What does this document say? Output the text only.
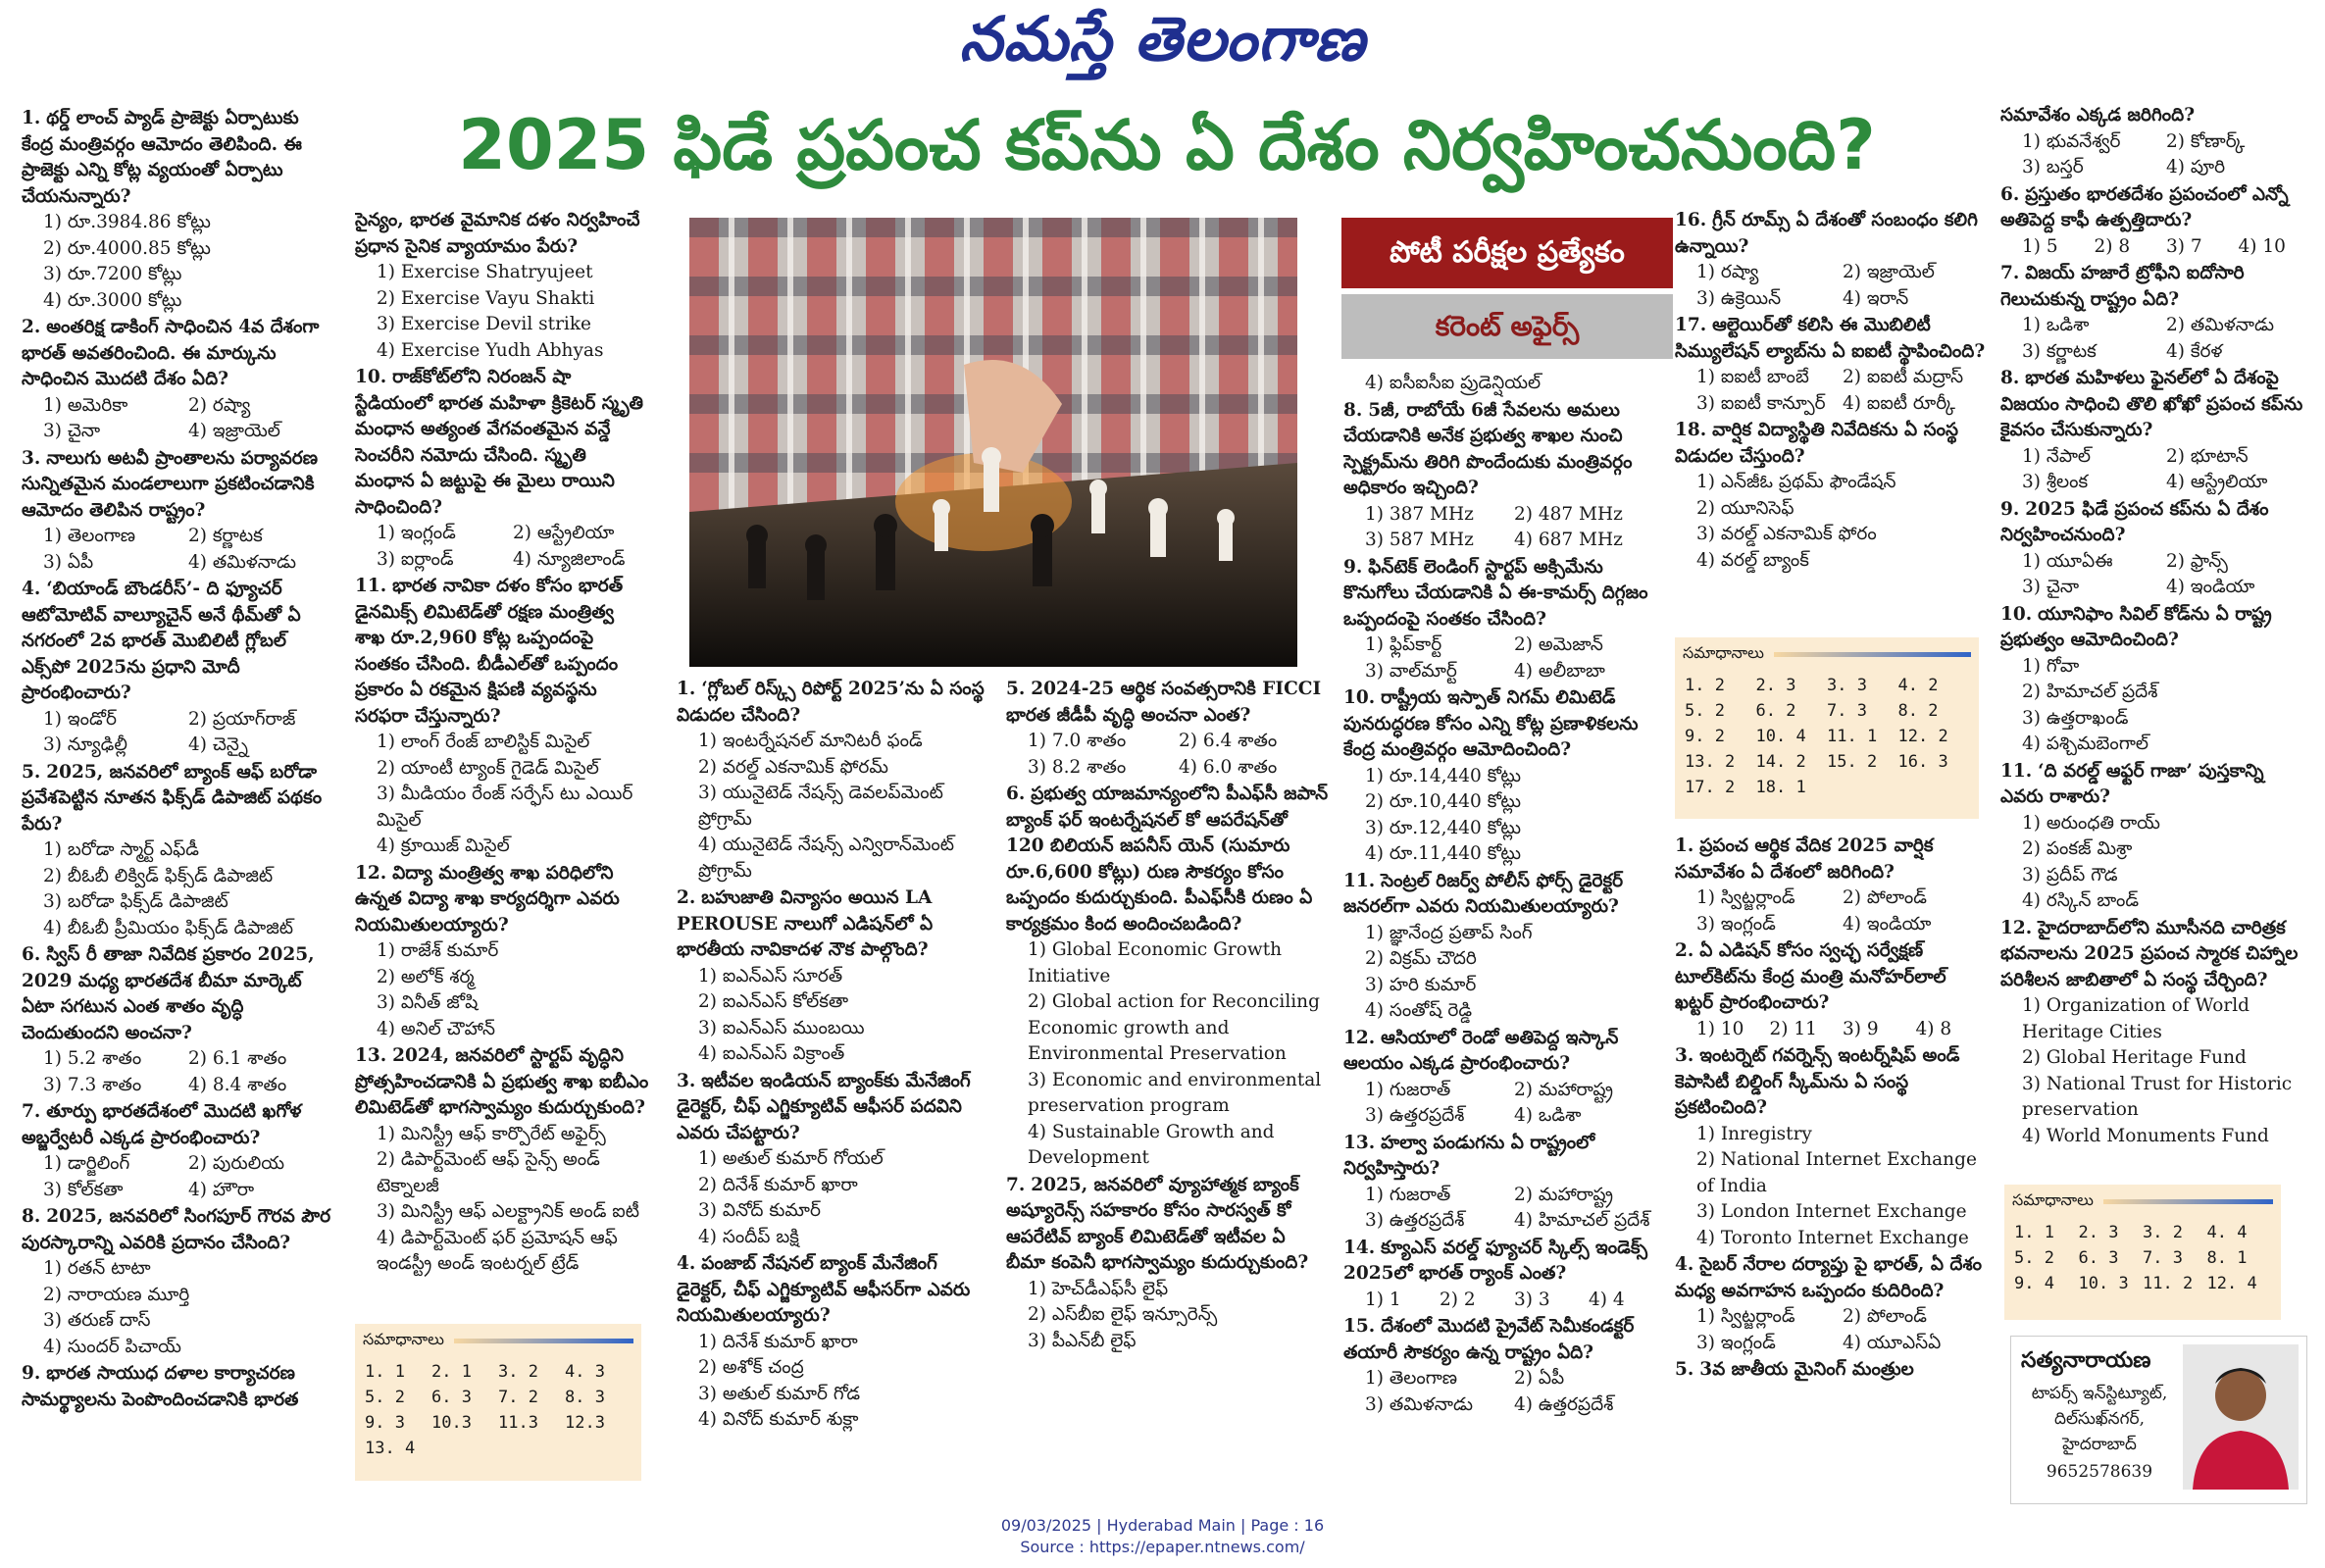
నమస్తే తెలంగాణ
2025 ఫిడే ప్రపంచ కప్‌ను ఏ దేశం నిర్వహించనుంది?
1. థర్డ్ లాంచ్ ప్యాడ్ ప్రాజెక్టు ఏర్పాటుకు కేంద్ర మంత్రివర్గం ఆమోదం తెలిపింది. ఈ ప్రాజెక్టు ఎన్ని కోట్ల వ్యయంతో ఏర్పాటు చేయనున్నారు?
1) రూ.3984.86 కోట్లు
2) రూ.4000.85 కోట్లు
3) రూ.7200 కోట్లు
4) రూ.3000 కోట్లు
2. అంతరిక్ష డాకింగ్ సాధించిన 4వ దేశంగా భారత్ అవతరించింది. ఈ మార్కును సాధించిన మొదటి దేశం ఏది?
1) అమెరికా	2) రష్యా
3) చైనా	4) ఇజ్రాయెల్
3. నాలుగు అటవీ ప్రాంతాలను పర్యావరణ సున్నితమైన మండలాలుగా ప్రకటించడానికి ఆమోదం తెలిపిన రాష్ట్రం?
1) తెలంగాణ	2) కర్ణాటక
3) ఏపీ	4) తమిళనాడు
4. ‘బియాండ్ బౌండరీస్’- ది ఫ్యూచర్ ఆటోమోటివ్ వాల్యూచైన్ అనే థీమ్‌తో ఏ నగరంలో 2వ భారత్ మొబిలిటీ గ్లోబల్ ఎక్స్‌పో 2025ను ప్రధాని మోదీ ప్రారంభించారు?
1) ఇండోర్	2) ప్రయాగ్‌రాజ్
3) న్యూఢిల్లీ	4) చెన్నై
5. 2025, జనవరిలో బ్యాంక్ ఆఫ్ బరోడా ప్రవేశపెట్టిన నూతన ఫిక్స్‌డ్ డిపాజిట్ పథకం పేరు?
1) బరోడా స్మార్ట్ ఎఫ్‌డీ
2) బీఓబీ లిక్విడ్ ఫిక్స్‌డ్ డిపాజిట్
3) బరోడా ఫిక్స్‌డ్ డిపాజిట్
4) బీఓబీ ప్రీమియం ఫిక్స్‌డ్ డిపాజిట్
6. స్విస్ రీ తాజా నివేదిక ప్రకారం 2025, 2029 మధ్య భారతదేశ బీమా మార్కెట్ ఏటా సగటున ఎంత శాతం వృద్ధి చెందుతుందని అంచనా?
1) 5.2 శాతం	2) 6.1 శాతం
3) 7.3 శాతం	4) 8.4 శాతం
7. తూర్పు భారతదేశంలో మొదటి ఖగోళ అబ్జర్వేటరీ ఎక్కడ ప్రారంభించారు?
1) డార్జిలింగ్	2) పురులియ
3) కోల్‌కతా	4) హౌరా
8. 2025, జనవరిలో సింగపూర్ గౌరవ పౌర పురస్కారాన్ని ఎవరికి ప్రదానం చేసింది?
1) రతన్ టాటా
2) నారాయణ మూర్తి
3) తరుణ్ దాస్
4) సుందర్ పిచాయ్
9. భారత సాయుధ దళాల కార్యాచరణ సామర్థ్యాలను పెంపొందించడానికి భారత
సైన్యం, భారత వైమానిక దళం నిర్వహించే ప్రధాన సైనిక వ్యాయామం పేరు?
1) Exercise Shatryujeet
2) Exercise Vayu Shakti
3) Exercise Devil strike
4) Exercise Yudh Abhyas
10. రాజ్‌కోట్‌లోని నిరంజన్ షా స్టేడియంలో భారత మహిళా క్రికెటర్ స్మృతి మంధాన అత్యంత వేగవంతమైన వన్డే సెంచరీని నమోదు చేసింది. స్మృతి మంధాన ఏ జట్టుపై ఈ మైలు రాయిని సాధించింది?
1) ఇంగ్లండ్	2) ఆస్ట్రేలియా
3) ఐర్లాండ్	4) న్యూజిలాండ్
11. భారత నావికా దళం కోసం భారత్ డైనమిక్స్ లిమిటెడ్‌తో రక్షణ మంత్రిత్వ శాఖ రూ.2,960 కోట్ల ఒప్పందంపై సంతకం చేసింది. బీడీఎల్‌తో ఒప్పందం ప్రకారం ఏ రకమైన క్షిపణి వ్యవస్థను సరఫరా చేస్తున్నారు?
1) లాంగ్ రేంజ్ బాలిస్టిక్ మిసైల్
2) యాంటీ ట్యాంక్ గైడెడ్ మిసైల్
3) మీడియం రేంజ్ సర్ఫేస్ టు ఎయిర్ మిసైల్
4) క్రూయిజ్ మిసైల్
12. విద్యా మంత్రిత్వ శాఖ పరిధిలోని ఉన్నత విద్యా శాఖ కార్యదర్శిగా ఎవరు నియమితులయ్యారు?
1) రాజేశ్ కుమార్
2) అలోక్ శర్మ
3) వినీత్ జోషి
4) అనిల్ చౌహాన్
13. 2024, జనవరిలో స్టార్టప్ వృద్ధిని ప్రోత్సహించడానికి ఏ ప్రభుత్వ శాఖ ఐబీఎం లిమిటెడ్‌తో భాగస్వామ్యం కుదుర్చుకుంది?
1) మినిస్ట్రీ ఆఫ్ కార్పొరేట్ అఫైర్స్
2) డిపార్ట్‌మెంట్ ఆఫ్ సైన్స్ అండ్ టెక్నాలజీ
3) మినిస్ట్రీ ఆఫ్ ఎలక్ట్రానిక్ అండ్ ఐటీ
4) డిపార్ట్‌మెంట్ ఫర్ ప్రమోషన్ ఆఫ్ ఇండస్ట్రీ అండ్ ఇంటర్నల్ ట్రేడ్
సమాధానాలు
1. 1	2. 1	3. 2	4. 3
5. 2	6. 3	7. 2	8. 3
9. 3	10.3	11.3	12.3
13. 4
పోటీ పరీక్షల ప్రత్యేకం
కరెంట్ అఫైర్స్
1. ‘గ్లోబల్ రిస్క్స్ రిపోర్ట్ 2025’ను ఏ సంస్థ విడుదల చేసింది?
1) ఇంటర్నేషనల్ మానిటరీ ఫండ్
2) వరల్డ్ ఎకనామిక్ ఫోరమ్
3) యునైటెడ్ నేషన్స్ డెవలప్‌మెంట్ ప్రోగ్రామ్
4) యునైటెడ్ నేషన్స్ ఎన్విరాన్‌మెంట్ ప్రోగ్రామ్
2. బహుజాతి విన్యాసం అయిన LA PEROUSE నాలుగో ఎడిషన్‌లో ఏ భారతీయ నావికాదళ నౌక పాల్గొంది?
1) ఐఎన్ఎస్ సూరత్
2) ఐఎన్ఎస్ కోల్‌కతా
3) ఐఎన్ఎస్ ముంబయి
4) ఐఎన్ఎస్ విక్రాంత్
3. ఇటీవల ఇండియన్ బ్యాంక్‌కు మేనేజింగ్ డైరెక్టర్, చీఫ్ ఎగ్జిక్యూటివ్ ఆఫీసర్ పదవిని ఎవరు చేపట్టారు?
1) అతుల్ కుమార్ గోయల్
2) దినేశ్ కుమార్ ఖారా
3) వినోద్ కుమార్
4) సందీప్ బక్షి
4. పంజాబ్ నేషనల్ బ్యాంక్ మేనేజింగ్ డైరెక్టర్, చీఫ్ ఎగ్జిక్యూటివ్ ఆఫీసర్‌గా ఎవరు నియమితులయ్యారు?
1) దినేశ్ కుమార్ ఖారా
2) అశోక్ చంద్ర
3) అతుల్ కుమార్ గోడ
4) వినోద్ కుమార్ శుక్లా
5. 2024-25 ఆర్థిక సంవత్సరానికి FICCI భారత జీడీపీ వృద్ధి అంచనా ఎంత?
1) 7.0 శాతం	2) 6.4 శాతం
3) 8.2 శాతం	4) 6.0 శాతం
6. ప్రభుత్వ యాజమాన్యంలోని పీఎఫ్‌సీ జపాన్ బ్యాంక్ ఫర్ ఇంటర్నేషనల్ కో ఆపరేషన్‌తో 120 బిలియన్ జపనీస్ యెన్ (సుమారు రూ.6,600 కోట్లు) రుణ సౌకర్యం కోసం ఒప్పందం కుదుర్చుకుంది. పీఎఫ్‌సీకి రుణం ఏ కార్యక్రమం కింద అందించబడింది?
1) Global Economic Growth Initiative
2) Global action for Reconciling Economic growth and Environmental Preservation
3) Economic and environmental preservation program
4) Sustainable Growth and Development
7. 2025, జనవరిలో వ్యూహాత్మక బ్యాంక్ అష్యూరెన్స్ సహకారం కోసం సారస్వత్ కో ఆపరేటివ్ బ్యాంక్ లిమిటెడ్‌తో ఇటీవల ఏ బీమా కంపెనీ భాగస్వామ్యం కుదుర్చుకుంది?
1) హెచ్‌డీఎఫ్‌సీ లైఫ్
2) ఎస్‌బీఐ లైఫ్ ఇన్సూరెన్స్
3) పీఎన్‌బీ లైఫ్
4) ఐసీఐసీఐ ప్రుడెన్షియల్
8. 5జీ, రాబోయే 6జీ సేవలను అమలు చేయడానికి అనేక ప్రభుత్వ శాఖల నుంచి స్పెక్ట్రమ్‌ను తిరిగి పొందేందుకు మంత్రివర్గం అధికారం ఇచ్చింది?
1) 387 MHz	2) 487 MHz
3) 587 MHz	4) 687 MHz
9. ఫిన్‌టెక్ లెండింగ్ స్టార్టప్ అక్సిమేను కొనుగోలు చేయడానికి ఏ ఈ-కామర్స్ దిగ్గజం ఒప్పందంపై సంతకం చేసింది?
1) ఫ్లిప్‌కార్ట్	2) అమెజాన్
3) వాల్‌మార్ట్	4) అలీబాబా
10. రాష్ట్రీయ ఇస్పాత్ నిగమ్ లిమిటెడ్ పునరుద్ధరణ కోసం ఎన్ని కోట్ల ప్రణాళికలను కేంద్ర మంత్రివర్గం ఆమోదించింది?
1) రూ.14,440 కోట్లు
2) రూ.10,440 కోట్లు
3) రూ.12,440 కోట్లు
4) రూ.11,440 కోట్లు
11. సెంట్రల్ రిజర్వ్ పోలీస్ ఫోర్స్ డైరెక్టర్ జనరల్‌గా ఎవరు నియమితులయ్యారు?
1) జ్ఞానేంద్ర ప్రతాప్ సింగ్
2) విక్రమ్ చౌదరి
3) హరి కుమార్
4) సంతోష్ రెడ్డి
12. ఆసియాలో రెండో అతిపెద్ద ఇస్కాన్ ఆలయం ఎక్కడ ప్రారంభించారు?
1) గుజరాత్	2) మహారాష్ట్ర
3) ఉత్తరప్రదేశ్	4) ఒడిశా
13. హల్వా పండుగను ఏ రాష్ట్రంలో నిర్వహిస్తారు?
1) గుజరాత్	2) మహారాష్ట్ర
3) ఉత్తరప్రదేశ్	4) హిమాచల్ ప్రదేశ్
14. క్యూఎస్ వరల్డ్ ఫ్యూచర్ స్కిల్స్ ఇండెక్స్ 2025లో భారత్ ర్యాంక్ ఎంత?
1) 1	2) 2	3) 3	4) 4
15. దేశంలో మొదటి ప్రైవేట్ సెమీకండక్టర్ తయారీ సౌకర్యం ఉన్న రాష్ట్రం ఏది?
1) తెలంగాణ	2) ఏపీ
3) తమిళనాడు	4) ఉత్తరప్రదేశ్
16. గ్రీన్ రూమ్స్ ఏ దేశంతో సంబంధం కలిగి ఉన్నాయి?
1) రష్యా	2) ఇజ్రాయెల్
3) ఉక్రెయిన్	4) ఇరాన్
17. ఆల్టెయిర్‌తో కలిసి ఈ మొబిలిటీ సిమ్యులేషన్ ల్యాబ్‌ను ఏ ఐఐటీ స్థాపించింది?
1) ఐఐటీ బాంబే	2) ఐఐటీ మద్రాస్
3) ఐఐటీ కాన్పూర్ 4) ఐఐటీ రూర్కీ
18. వార్షిక విద్యాస్థితి నివేదికను ఏ సంస్థ విడుదల చేస్తుంది?
1) ఎన్‌జీఓ ప్రథమ్ ఫౌండేషన్
2) యూనిసెఫ్
3) వరల్డ్ ఎకనామిక్ ఫోరం
4) వరల్డ్ బ్యాంక్
సమాధానాలు
1. 2	2. 3	3. 3	4. 2
5. 2	6. 2	7. 3	8. 2
9. 2	10. 4	11. 1	12. 2
13. 2	14. 2	15. 2	16. 3
17. 2	18. 1
1. ప్రపంచ ఆర్థిక వేదిక 2025 వార్షిక సమావేశం ఏ దేశంలో జరిగింది?
1) స్విట్జర్లాండ్	2) పోలాండ్
3) ఇంగ్లండ్	4) ఇండియా
2. ఏ ఎడిషన్ కోసం స్వచ్ఛ సర్వేక్షణ్ టూల్‌కిట్‌ను కేంద్ర మంత్రి మనోహర్‌లాల్ ఖట్టర్ ప్రారంభించారు?
1) 10	2) 11	3) 9	4) 8
3. ఇంటర్నెట్ గవర్నెన్స్ ఇంటర్న్‌షిప్ అండ్ కెపాసిటీ బిల్డింగ్ స్కీమ్‌ను ఏ సంస్థ ప్రకటించింది?
1) Inregistry
2) National Internet Exchange of India
3) London Internet Exchange
4) Toronto Internet Exchange
4. సైబర్ నేరాల దర్యాప్తు పై భారత్, ఏ దేశం మధ్య అవగాహన ఒప్పందం కుదిరింది?
1) స్విట్జర్లాండ్	2) పోలాండ్
3) ఇంగ్లండ్	4) యూఎస్ఏ
5. 3వ జాతీయ మైనింగ్ మంత్రుల
సమావేశం ఎక్కడ జరిగింది?
1) భువనేశ్వర్	2) కోణార్క్
3) బస్తర్	4) పూరి
6. ప్రస్తుతం భారతదేశం ప్రపంచంలో ఎన్నో అతిపెద్ద కాఫీ ఉత్పత్తిదారు?
1) 5	2) 8	3) 7	4) 10
7. విజయ్ హజారే ట్రోఫీని ఐదోసారి గెలుచుకున్న రాష్ట్రం ఏది?
1) ఒడిశా	2) తమిళనాడు
3) కర్ణాటక	4) కేరళ
8. భారత మహిళలు ఫైనల్‌లో ఏ దేశంపై విజయం సాధించి తొలి ఖోఖో ప్రపంచ కప్‌ను కైవసం చేసుకున్నారు?
1) నేపాల్	2) భూటాన్
3) శ్రీలంక	4) ఆస్ట్రేలియా
9. 2025 ఫిడే ప్రపంచ కప్‌ను ఏ దేశం నిర్వహించనుంది?
1) యూఏఈ	2) ఫ్రాన్స్
3) చైనా	4) ఇండియా
10. యూనిఫాం సివిల్ కోడ్‌ను ఏ రాష్ట్ర ప్రభుత్వం ఆమోదించింది?
1) గోవా
2) హిమాచల్ ప్రదేశ్
3) ఉత్తరాఖండ్
4) పశ్చిమబెంగాల్
11. ‘ది వరల్డ్ ఆఫ్టర్ గాజా’ పుస్తకాన్ని ఎవరు రాశారు?
1) అరుంధతి రాయ్
2) పంకజ్ మిశ్రా
3) ప్రదీప్ గౌడ
4) రస్కిన్ బాండ్
12. హైదరాబాద్‌లోని మూసీనది చారిత్రక భవనాలను 2025 ప్రపంచ స్మారక చిహ్నాల పరిశీలన జాబితాలో ఏ సంస్థ చేర్చింది?
1) Organization of World Heritage Cities
2) Global Heritage Fund
3) National Trust for Historic preservation
4) World Monuments Fund
సమాధానాలు
1. 1	2. 3	3. 2	4. 4
5. 2	6. 3	7. 3	8. 1
9. 4	10. 3 11. 2 12. 4
సత్యనారాయణ
టాపర్స్ ఇన్‌స్టిట్యూట్,
దిల్‌సుఖ్‌నగర్,
హైదరాబాద్
9652578639
09/03/2025 | Hyderabad Main | Page : 16
Source : https://epaper.ntnews.com/
